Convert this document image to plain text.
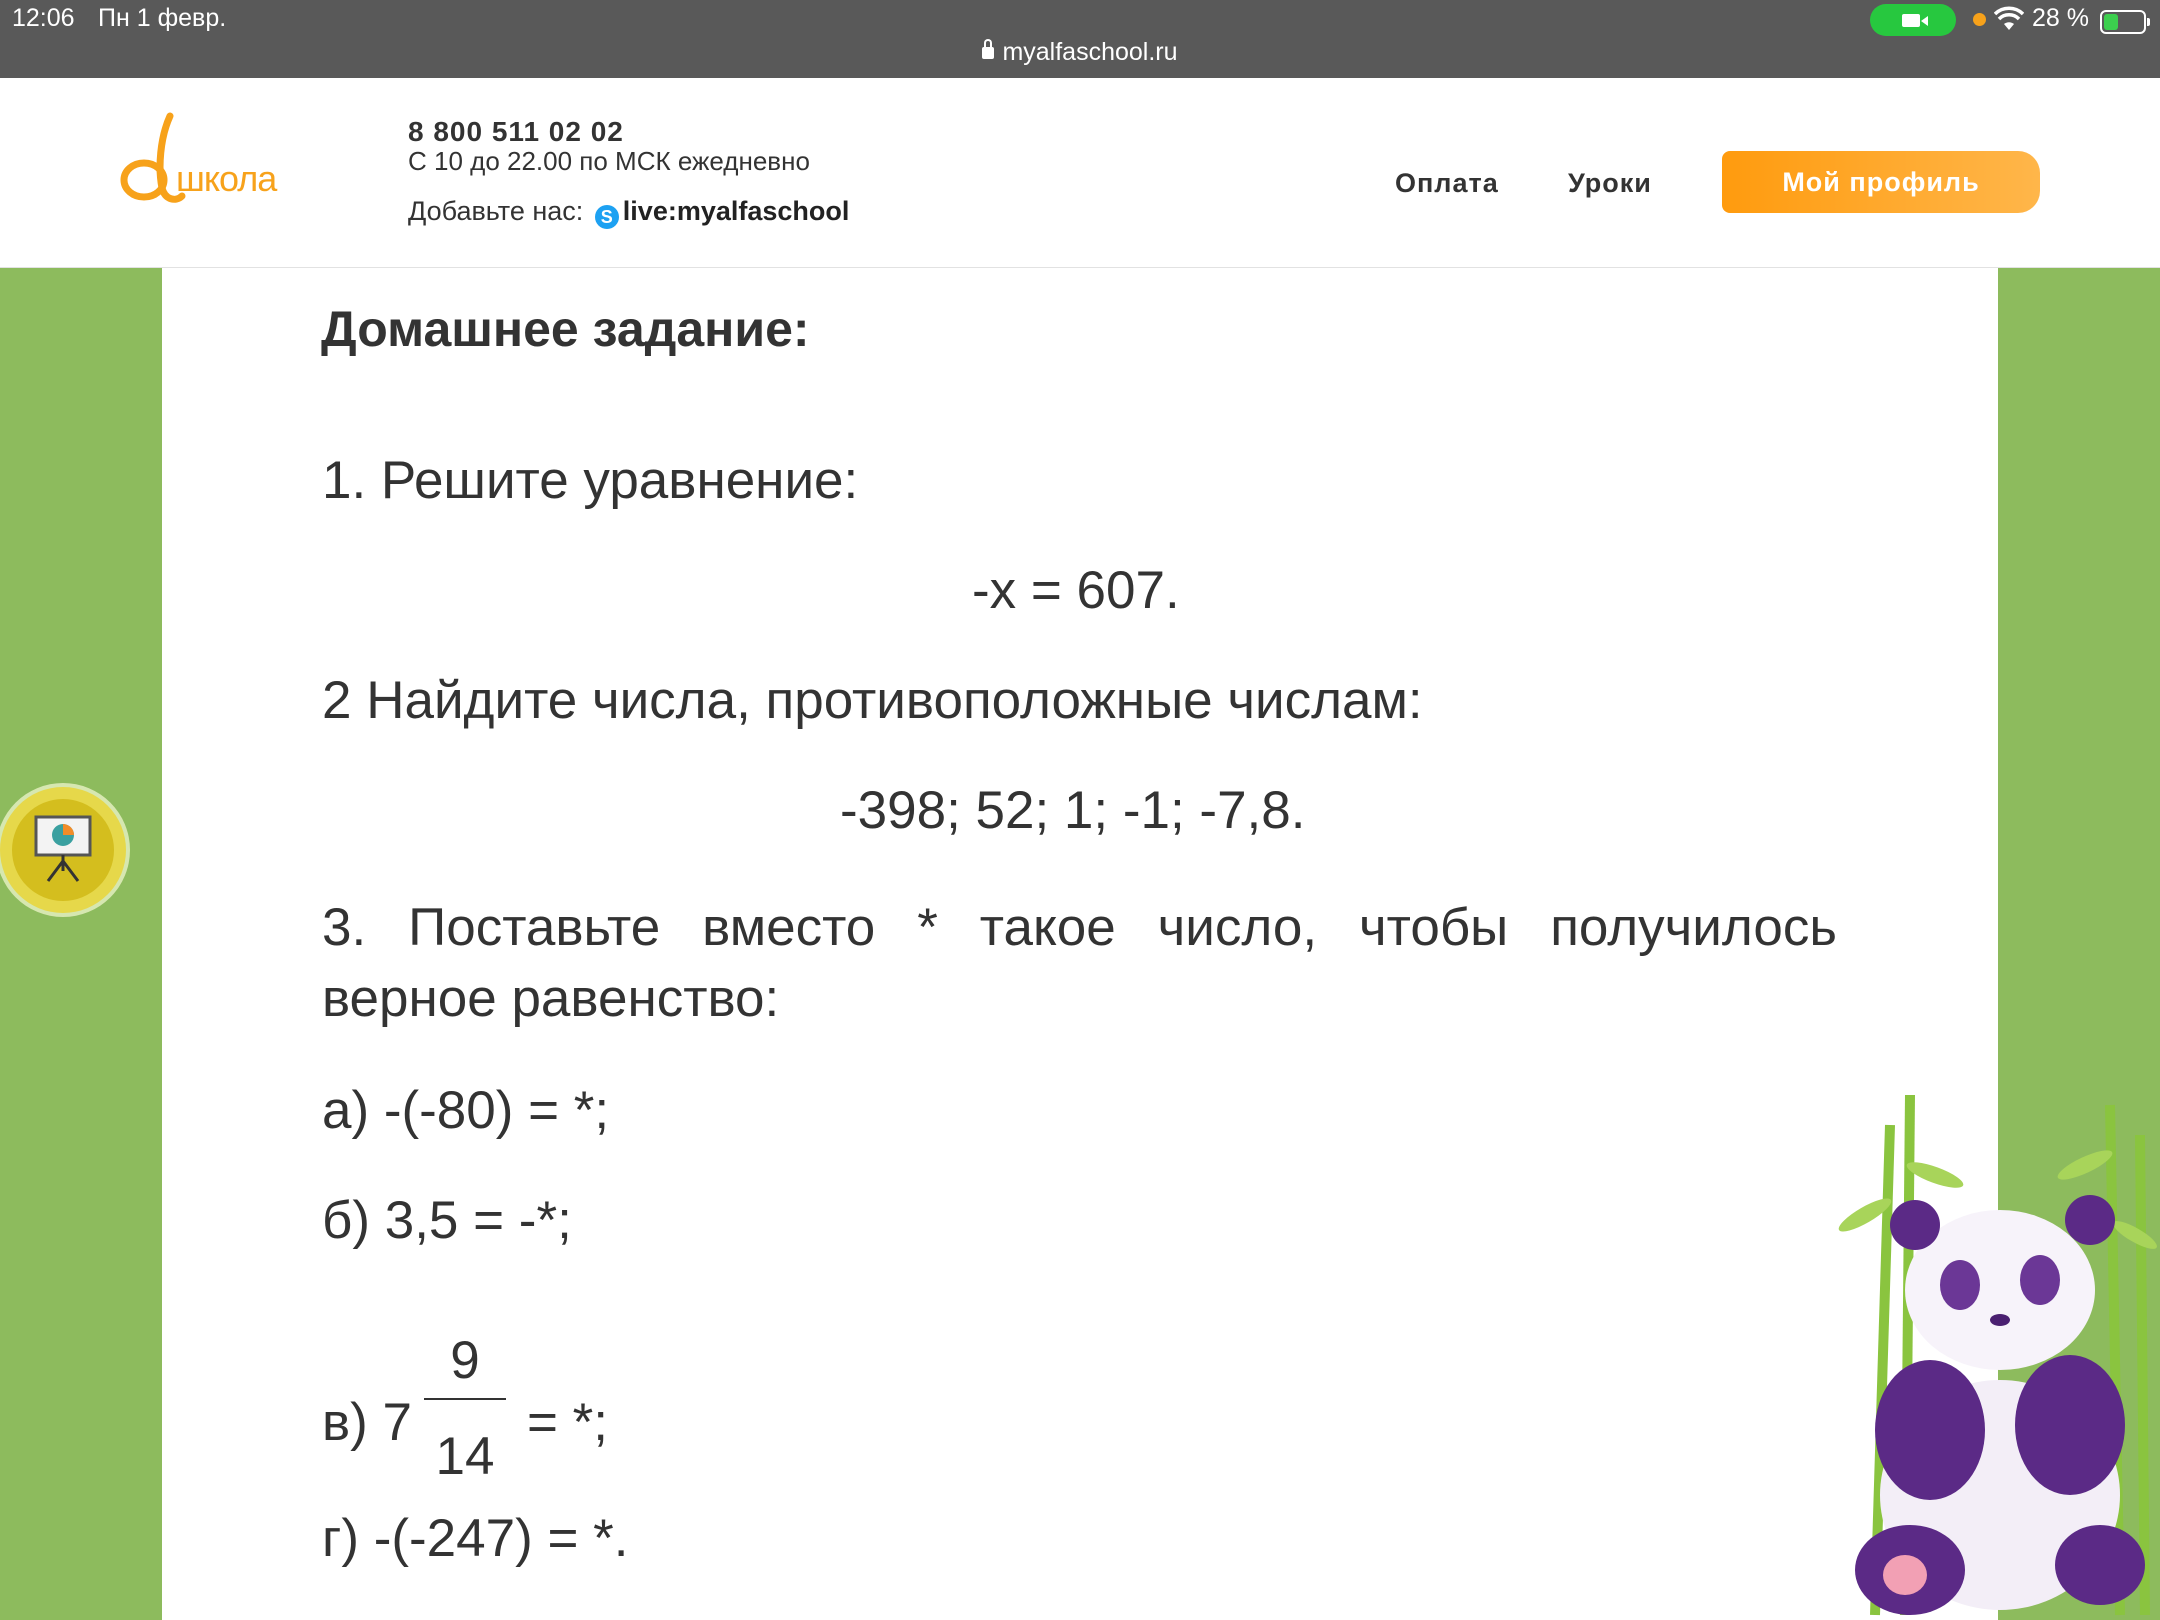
12:06 Пн 1 февр.
myalfaschool.ru
28 %
школа
8 800 511 02 02
С 10 до 22.00 по МСК ежедневно
Добавьте нас: S live:myalfaschool
Оплата	Уроки	Мой профиль
Домашнее задание:
1. Решите уравнение:
-х = 607.
2 Найдите числа, противоположные числам:
-398; 52; 1; -1; -7,8.
3. Поставьте вместо * такое число, чтобы получилось
верное равенство:
а) -(-80) = *;
б) 3,5 = -*;
в) 7
9
14
= *;
г) -(-247) = *.
